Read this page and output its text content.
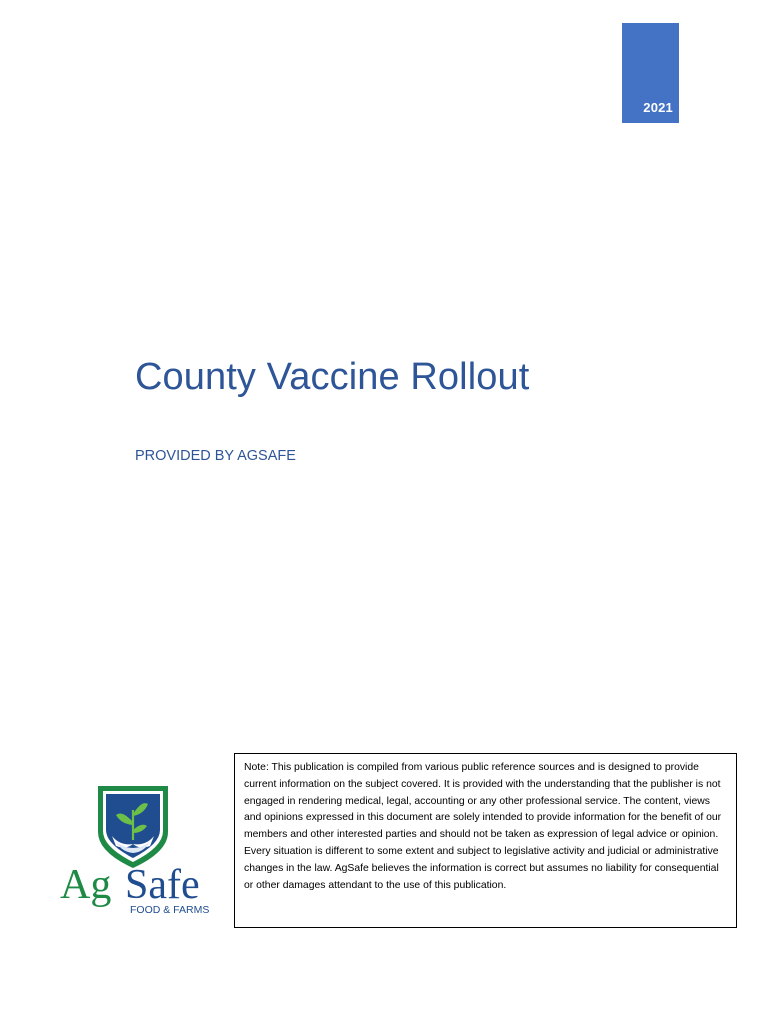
2021
County Vaccine Rollout

PROVIDED BY AGSAFE

Ag Safe
FOOD & FARMS

Note: This publication is compiled from various public reference sources and is designed to provide current information on the subject covered. It is provided with the understanding that the publisher is not engaged in rendering medical, legal, accounting or any other professional service. The content, views and opinions expressed in this document are solely intended to provide information for the benefit of our members and other interested parties and should not be taken as expression of legal advice or opinion. Every situation is different to some extent and subject to legislative activity and judicial or administrative changes in the law. AgSafe believes the information is correct but assumes no liability for consequential or other damages attendant to the use of this publication.
